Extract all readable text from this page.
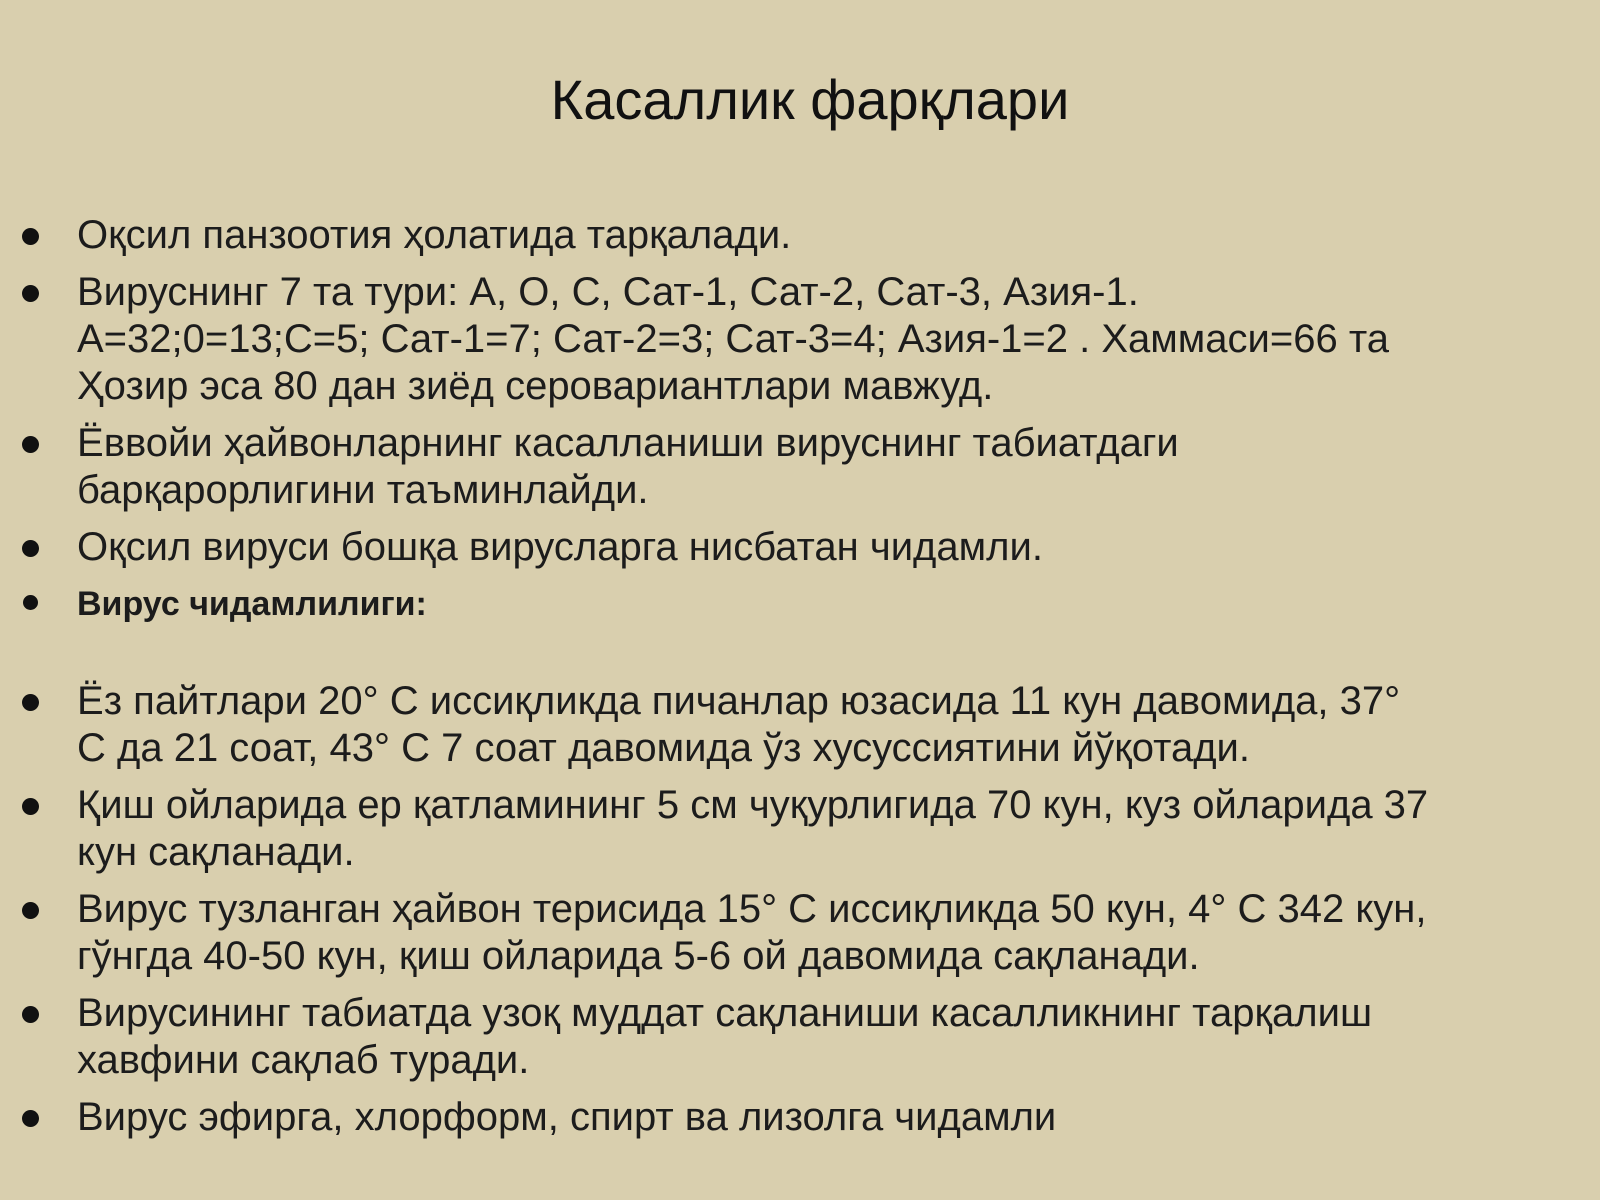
Касаллик фарқлари
Оқсил панзоотия ҳолатида тарқалади.
Вируснинг 7 та тури: А, О, С, Сат-1, Сат-2, Сат-3, Азия-1.
А=32;0=13;С=5; Сат-1=7; Сат-2=3; Сат-3=4; Азия-1=2 . Хаммаси=66 та
Ҳозир эса 80 дан зиёд серовариантлари мавжуд.
Ёввойи ҳайвонларнинг касалланиши вируснинг табиатдаги
барқарорлигини таъминлайди.
Оқсил вируси бошқа вирусларга нисбатан чидамли.
Вирус чидамлилиги:
Ёз пайтлари 20° С иссиқликда пичанлар юзасида 11 кун давомида, 37°
С да 21 соат, 43° С 7 соат давомида ўз хусуссиятини йўқотади.
Қиш ойларида ер қатламининг 5 см чуқурлигида 70 кун, куз ойларида 37
кун сақланади.
Вирус тузланган ҳайвон терисида 15° С иссиқликда 50 кун, 4° С 342 кун,
гўнгда 40-50 кун, қиш ойларида 5-6 ой давомида сақланади.
Вирусининг табиатда узоқ муддат сақланиши касалликнинг тарқалиш
хавфини сақлаб туради.
Вирус эфирга, хлорформ, спирт ва лизолга чидамли
